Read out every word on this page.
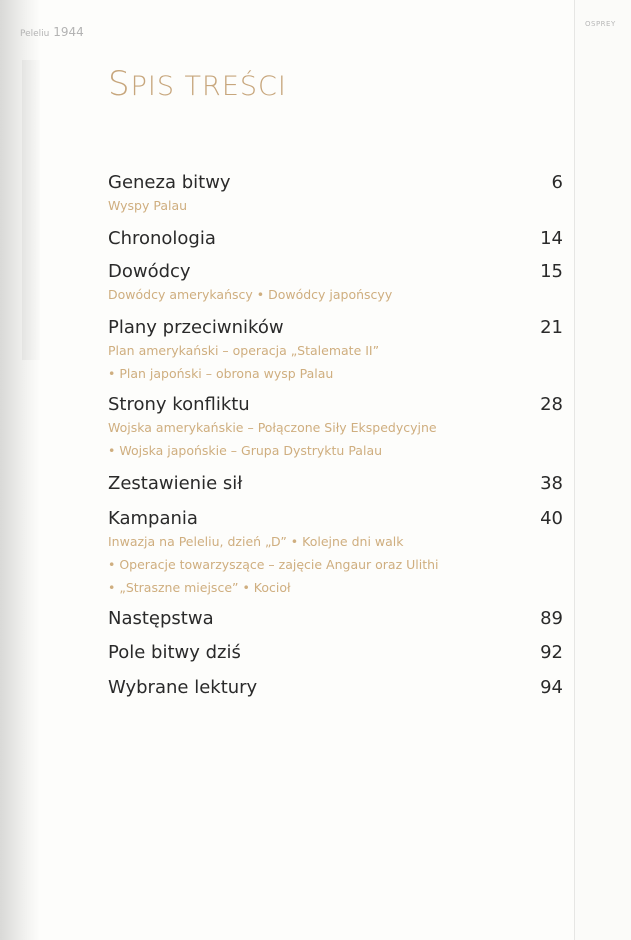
OSPREY
Peleliu 1944
SPIS TREŚCI
Geneza bitwy	6
Wyspy Palau
Chronologia	14
Dowódcy	15
Dowódcy amerykańscy • Dowódcy japońscyy
Plany przeciwników	21
Plan amerykański – operacja „Stalemate II”
• Plan japoński – obrona wysp Palau
Strony konfliktu	28
Wojska amerykańskie – Połączone Siły Ekspedycyjne
• Wojska japońskie – Grupa Dystryktu Palau
Zestawienie sił	38
Kampania	40
Inwazja na Peleliu, dzień „D” • Kolejne dni walk
• Operacje towarzyszące – zajęcie Angaur oraz Ulithi
• „Straszne miejsce” • Kocioł
Następstwa	89
Pole bitwy dziś	92
Wybrane lektury	94
